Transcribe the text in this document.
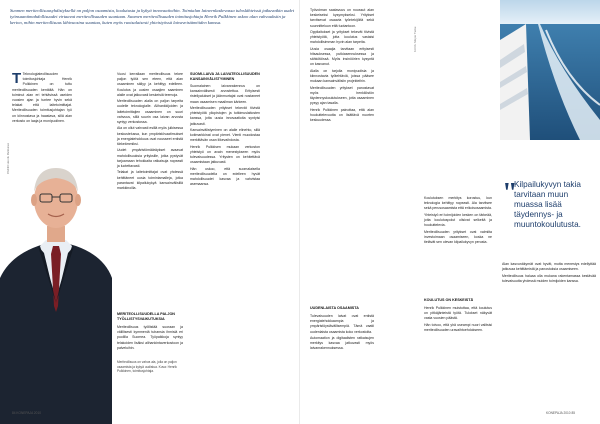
Suomen meriteollisuusyhdistyksellä on paljon osaamista, koulutusta ja kykyä innovaatioihin. Toimialan laineenlaskevassa tuloslähteissä jatkuvatkin uudet työnsaantimahdollisuudet virtaavat meriteollisuuden suuntaan. Suomen meriteollisuuden toimitusjohtaja Henrik Pulkkinen uskoo alan vahvuuksiin ja kertoo, mihin meriteollisuus lähivuosina suuntaa, kuten myös ruotsalaisesti yhteistyössä laivaveistämöiden kanssa.

T Teknologiateollisuuden toimitusjohtaja Henrik Pulkkinen on tuttu meriteollisuuden kentältä. Hän on toiminut alan eri tehtävissä useiden vuosien ajan ja tuntee hyvin sekä telakat että laitetoimittajat. Meriteollisuuden toimitusjohtajan työ on kiinnostava ja haastava, sillä alan verkosto on laaja ja monipuolinen.

Vuosi kerrallaan meriteollisuus tekee paljon työtä sen eteen, että alan osaaminen säilyy ja kehittyy edelleen. Koulutus ja uusien osaajien saaminen alalle ovat jatkuvasti keskeisiä teemoja.

Meriteollisuuden alalla on paljon tarpeita uudelle teknologialle. Alihankkijoiden ja laitetoimittajien osaaminen on suuri vahvuus, sillä suurin osa laivan arvosta syntyy verkostossa.

Ala on ollut vahvasti esillä myös julkisessa keskustelussa, kun ympäristövaatimukset ja energiatehokkuus ovat nousseet entistä tärkeämmiksi.

Uudet ympäristömääräykset avaavat mahdollisuuksia yrityksille, jotka pystyvät tarjoamaan tehokkaita ratkaisuja nopeasti ja luotettavasti.

Telakat ja laitetoimittajat ovat yhdessä kehittäneet uusia toimintamalleja, jotka parantavat kilpailukykyä kansainvälisillä markkinoilla.

MERITEOLLISUUDELLA PALJON TYÖLLISTYSVAIKUTUKSIA

Meriteollisuus työllistää suoraan ja välillisesti kymmeniä tuhansia ihmisiä eri puolilla Suomea. Työpaikkoja syntyy telakoiden lisäksi alihankintaverkostoon ja palveluihin.

SUOMI-LAIVA JA LAIVATEOLLISUUDEN KANSAINVÄLISTYMINEN

Suomalainen laivanrakennus on kansainvälisesti arvostettua. Erityisesti risteilyalukset ja jäänmurtajat ovat nostaneet maan osaamisen maailman kärkeen.

Meriteollisuuden yritykset tekevät tiivistä yhteistyötä yliopistojen ja tutkimuslaitosten kanssa, jotta uusia innovaatioita syntyisi jatkuvasti.

Kansainvälistyminen on alalle elinehto, sillä kotimarkkinat ovat pienet. Vienti muodostaa merkittävän osan liikevaihdosta.

Henrik Pulkkisen mukaan verkoston yhteistyö on avain menestykseen myös tulevaisuudessa. Yritysten on kehitettävä osaamistaan jatkuvasti.

Hän uskoo, että suomalaisella meriteollisuudella on edelleen hyvät mahdollisuudet kasvaa ja vahvistaa asemaansa.

Meriteollisuus on vahva ala, jolla on paljon osaamista ja kykyä uudistua. Kuva: Henrik Pulkkinen, toimitusjohtaja.
PAINO Henrik Pulkkinen
84 KONEPAJA 2010

Työvoiman saatavuus on noussut alan keskeiseksi kysymykseksi. Yritykset tarvitsevat osaavia työntekijöitä sekä suunnitteluun että tuotantoon.

Oppilaitokset ja yritykset tekevät tiivistä yhteistyötä, jotta koulutus vastaisi mahdollisimman hyvin alan tarpeita.

Uusia osaajia tarvitaan erityisesti hitsauksessa, putkiasennuksessa ja sähkötöissä. Myös insinöörien kysyntä on kasvanut.

Alalla on tarjolla monipuolisia ja kiinnostavia työtehtäviä, joissa pääsee mukaan kansainvälisiin projekteihin.

Meriteollisuuden yritykset panostavat myös henkilöstön täydennyskoulutukseen, jotta osaaminen pysyy ajan tasalla.

Henrik Pulkkinen painottaa, että alan houkuttelevuutta on lisättävä nuorten keskuudessa.

UUDENLAISTA OSAAMISTA

Tulevaisuuden laivat ovat entistä energiatehokkaampia ja ympäristöystävällisempiä. Tämä vaatii uudenlaista osaamista koko verkostolta.

Automaation ja digitaalisten ratkaisujen merkitys kasvaa jatkuvasti myös laivanrakennuksessa.

KUVA: Meyer Turku

Koulutuksen merkitys korostuu, kun teknologia kehittyy nopeasti. Ala tarvitsee sekä perusosaamista että erikoisosaamista.

Yhteistyö eri toimijoiden kesken on tärkeää, jotta koulutuspolut olisivat selkeitä ja houkuttelevia.

Meriteollisuuden yritykset ovat valmiita investoimaan osaamiseen, koska ne tietävät sen olevan kilpailukyvyn perusta.

KOULUTUS ON KESKEISTÄ

Henrik Pulkkinen muistuttaa, että koulutus on pitkäjänteistä työtä. Tulokset näkyvät vasta vuosien päästä.

Hän toivoo, että yhä useampi nuori valitsisi meriteollisuuden uravaihtoehdokseen.

Alan kasvunäkymät ovat hyvät, mutta menestys edellyttää jatkuvaa kehittämistä ja panostuksia osaamiseen.

Meriteollisuus haluaa olla mukana rakentamassa kestävää tulevaisuutta yhdessä muiden toimijoiden kanssa.

KONEPAJA 2010 85
"
Kilpailukyvyn takia tarvitaan muun muassa lisää täydennys- ja muuntokoulutusta.
